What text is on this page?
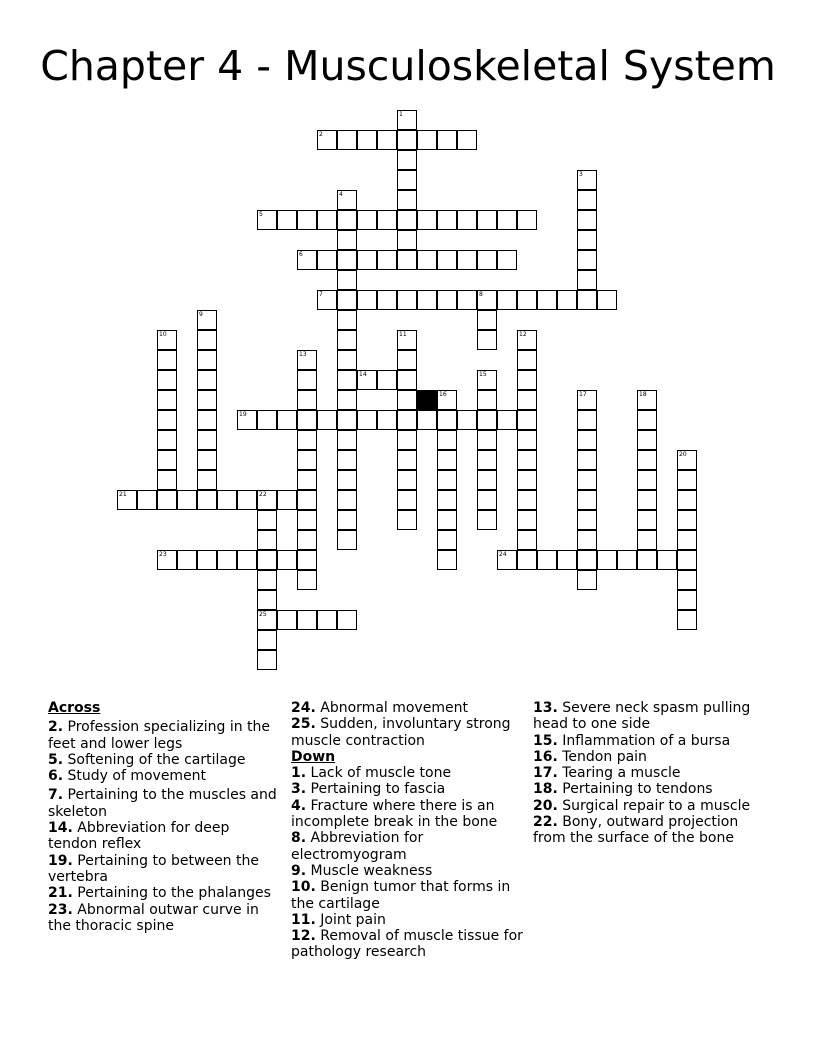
Chapter 4 - Musculoskeletal System
1
2
3
4
5
6
7	8
9
10	11	12
13
14	15
16	17	18
19
20
21	22
25
23	24

Across

2. Profession specializing in the feet and lower legs

5. Softening of the cartilage

6. Study of movement

7. Pertaining to the muscles and skeleton

14. Abbreviation for deep tendon reflex

19. Pertaining to between the vertebra

21. Pertaining to the phalanges

23. Abnormal outwar curve in the thoracic spine

24. Abnormal movement

25. Sudden, involuntary strong muscle contraction

Down

1. Lack of muscle tone

3. Pertaining to fascia

4. Fracture where there is an incomplete break in the bone

8. Abbreviation for electromyogram

9. Muscle weakness

10. Benign tumor that forms in the cartilage

11. Joint pain

12. Removal of muscle tissue for pathology research

13. Severe neck spasm pulling head to one side

15. Inflammation of a bursa

16. Tendon pain

17. Tearing a muscle

18. Pertaining to tendons

20. Surgical repair to a muscle

22. Bony, outward projection from the surface of the bone
